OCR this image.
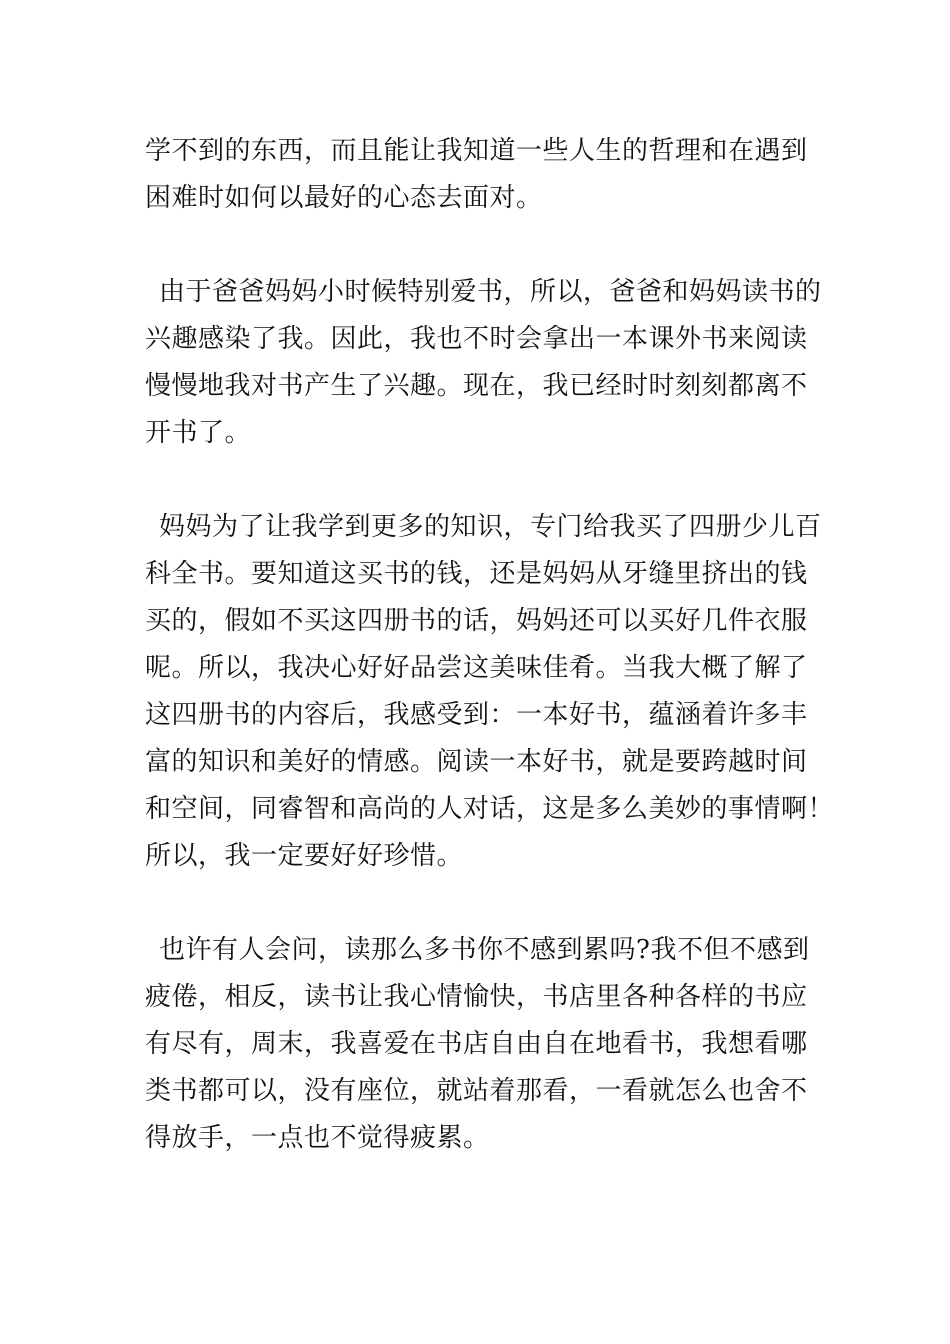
学不到的东西，而且能让我知道一些人生的哲理和在遇到
困难时如何以最好的心态去面对。
由于爸爸妈妈小时候特别爱书，所以，爸爸和妈妈读书的
兴趣感染了我。因此，我也不时会拿出一本课外书来阅读
慢慢地我对书产生了兴趣。现在，我已经时时刻刻都离不
开书了。
妈妈为了让我学到更多的知识，专门给我买了四册少儿百
科全书。要知道这买书的钱，还是妈妈从牙缝里挤出的钱
买的，假如不买这四册书的话，妈妈还可以买好几件衣服
呢。所以，我决心好好品尝这美味佳肴。当我大概了解了
这四册书的内容后，我感受到：一本好书，蕴涵着许多丰
富的知识和美好的情感。阅读一本好书，就是要跨越时间
和空间，同睿智和高尚的人对话，这是多么美妙的事情啊！
所以，我一定要好好珍惜。
也许有人会问，读那么多书你不感到累吗?我不但不感到
疲倦，相反，读书让我心情愉快，书店里各种各样的书应
有尽有，周末，我喜爱在书店自由自在地看书，我想看哪
类书都可以，没有座位，就站着那看，一看就怎么也舍不
得放手，一点也不觉得疲累。
